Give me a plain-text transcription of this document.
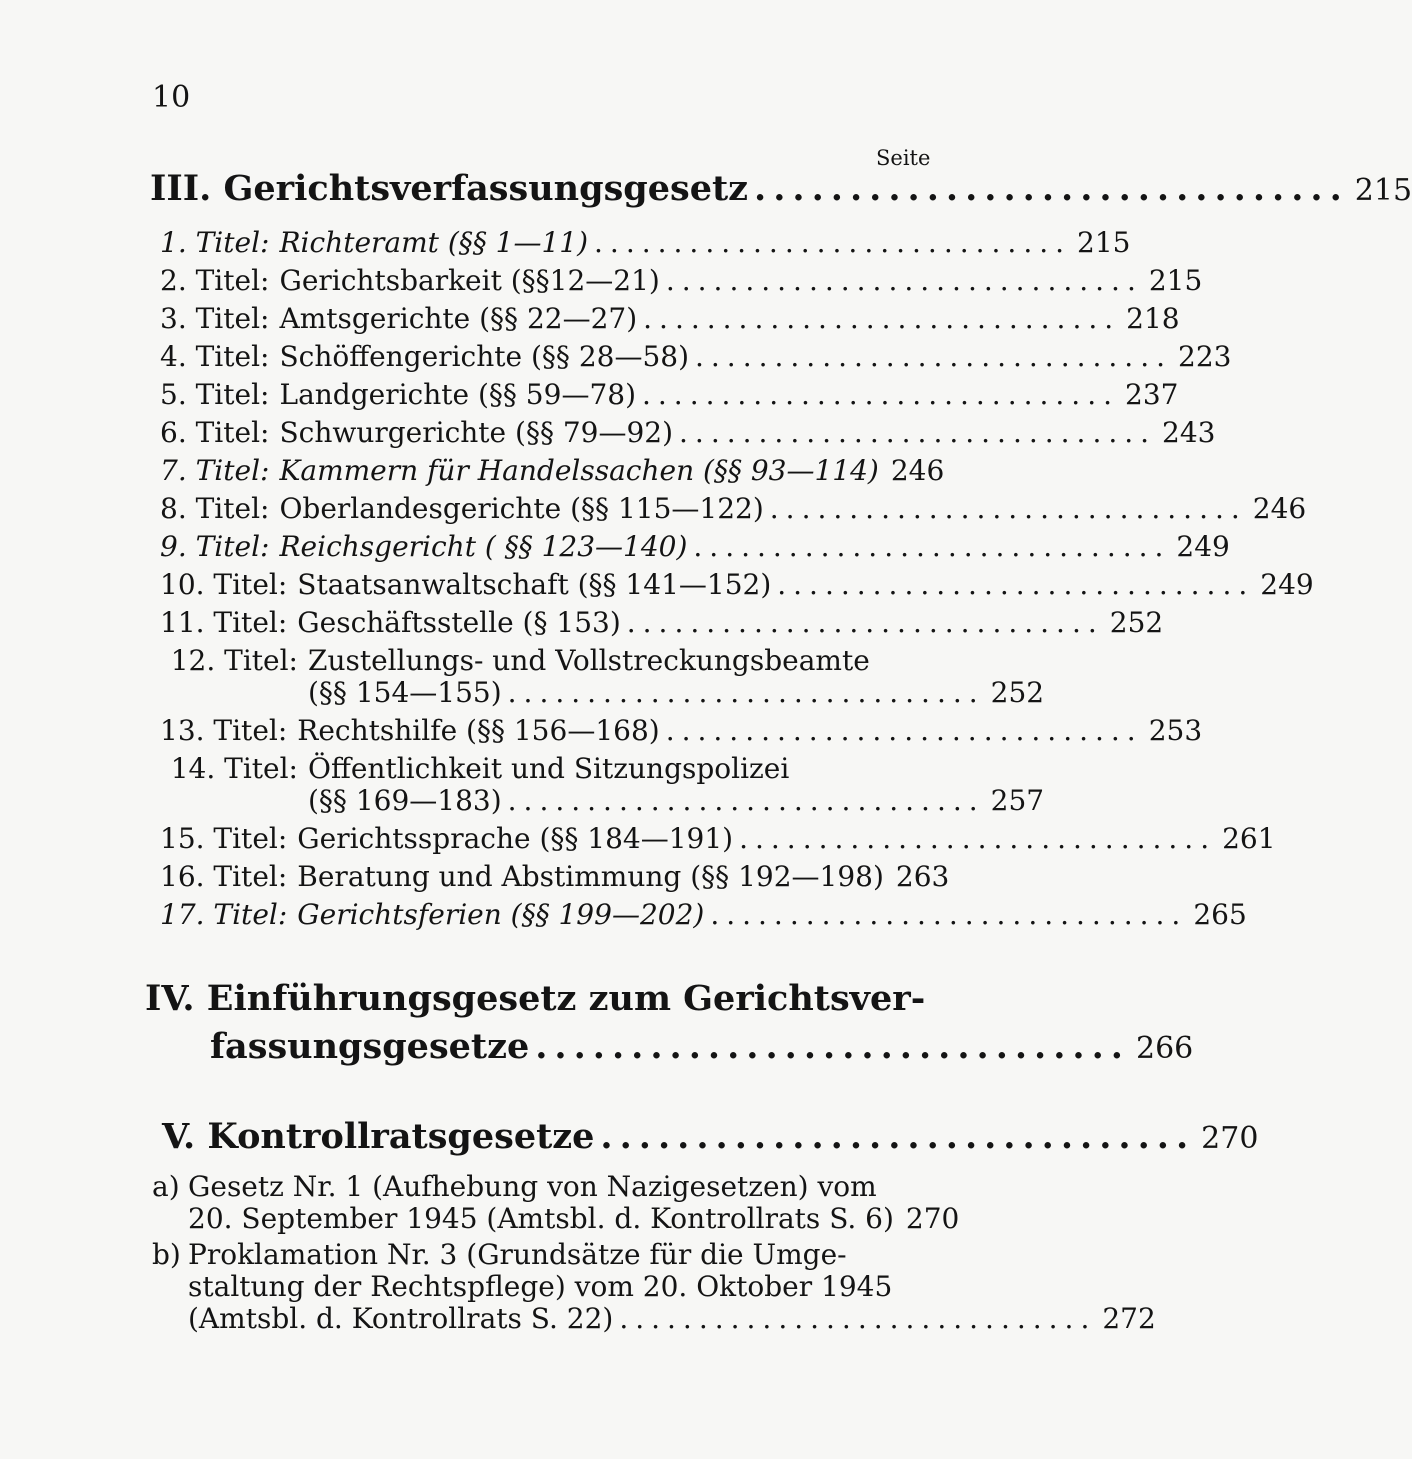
10
Seite
III. Gerichtsverfassungsgesetz ............................... 215
1. Titel: Richteramt (§§ 1—11) .............................. 215
2. Titel: Gerichtsbarkeit (§§12—21) .............................. 215
3. Titel: Amtsgerichte (§§ 22—27) .............................. 218
4. Titel: Schöffengerichte (§§ 28—58) .............................. 223
5. Titel: Landgerichte (§§ 59—78) .............................. 237
6. Titel: Schwurgerichte (§§ 79—92) .............................. 243
7. Titel: Kammern für Handelssachen (§§ 93—114) 246
8. Titel: Oberlandesgerichte (§§ 115—122) .............................. 246
9. Titel: Reichsgericht ( §§ 123—140) .............................. 249
10. Titel: Staatsanwaltschaft (§§ 141—152) .............................. 249
11. Titel: Geschäftsstelle (§ 153) .............................. 252
12. Titel: Zustellungs- und Vollstreckungsbeamte
(§§ 154—155) .............................. 252
13. Titel: Rechtshilfe (§§ 156—168) .............................. 253
14. Titel: Öffentlichkeit und Sitzungspolizei
(§§ 169—183) .............................. 257
15. Titel: Gerichtssprache (§§ 184—191) .............................. 261
16. Titel: Beratung und Abstimmung (§§ 192—198) 263
17. Titel: Gerichtsferien (§§ 199—202) .............................. 265
IV. Einführungsgesetz zum Gerichtsver-
fassungsgesetze ............................... 266
V. Kontrollratsgesetze ............................... 270
a) Gesetz Nr. 1 (Aufhebung von Nazigesetzen) vom
20. September 1945 (Amtsbl. d. Kontrollrats S. 6) 270
b) Proklamation Nr. 3 (Grundsätze für die Umge-
staltung der Rechtspflege) vom 20. Oktober 1945
(Amtsbl. d. Kontrollrats S. 22) .............................. 272
